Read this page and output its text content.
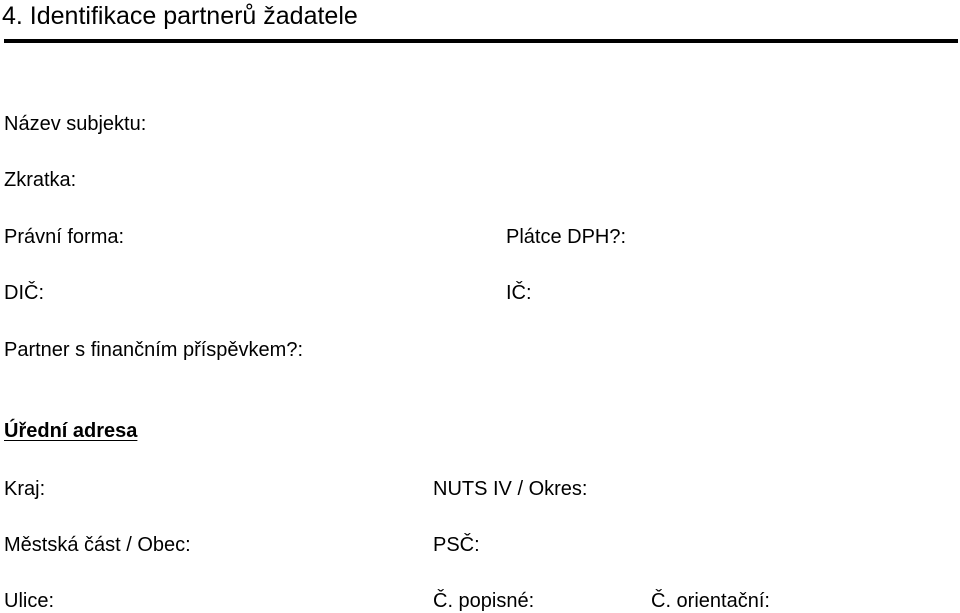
4. Identifikace partnerů žadatele
Název subjektu:
Zkratka:
Právní forma:	Plátce DPH?:
DIČ:	IČ:
Partner s finančním příspěvkem?:
Úřední adresa
Kraj:	NUTS IV / Okres:
Městská část / Obec:	PSČ:
Ulice:	Č. popisné:	Č. orientační:
